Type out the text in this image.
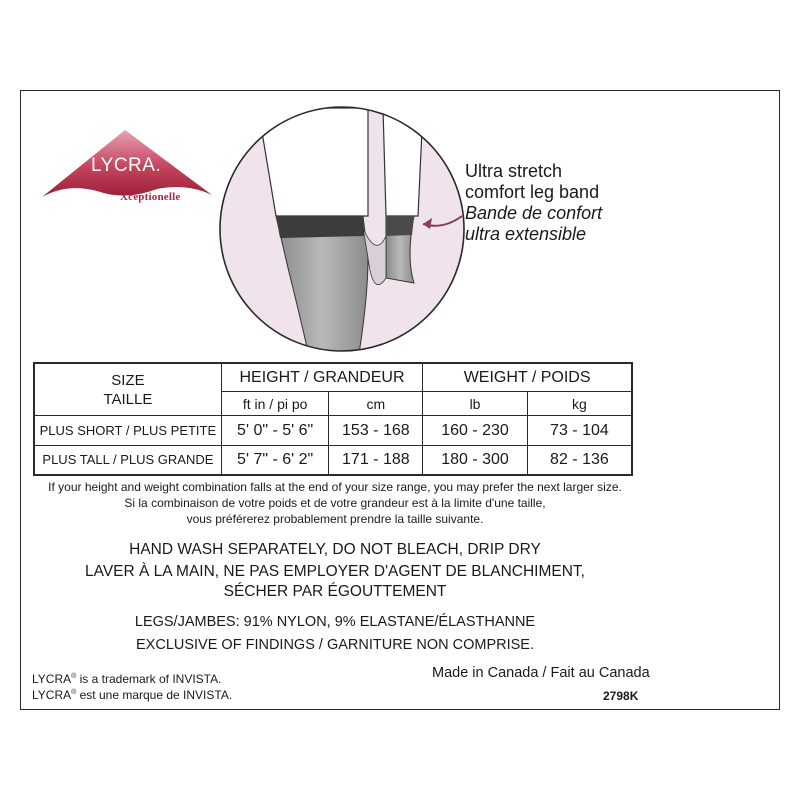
LYCRA.
Xceptionelle
Ultra stretch
comfort leg band
Bande de confort
ultra extensible
SIZE
TAILLE	HEIGHT / GRANDEUR		WEIGHT / POIDS	
	ft in / pi po	cm	lb	kg
PLUS SHORT / PLUS PETITE	5' 0" - 5' 6"	153 - 168	160 - 230	73 - 104
PLUS TALL / PLUS GRANDE	5' 7" - 6' 2"	171 - 188	180 - 300	82 - 136
If your height and weight combination falls at the end of your size range, you may prefer the next larger size.
Si la combinaison de votre poids et de votre grandeur est à la limite d'une taille,
vous préférerez probablement prendre la taille suivante.
HAND WASH SEPARATELY, DO NOT BLEACH, DRIP DRY
LAVER À LA MAIN, NE PAS EMPLOYER D'AGENT DE BLANCHIMENT,
SÉCHER PAR ÉGOUTTEMENT
LEGS/JAMBES: 91% NYLON, 9% ELASTANE/ÉLASTHANNE
EXCLUSIVE OF FINDINGS / GARNITURE NON COMPRISE.
LYCRA® is a trademark of INVISTA.
LYCRA® est une marque de INVISTA.
Made in Canada / Fait au Canada
2798K
